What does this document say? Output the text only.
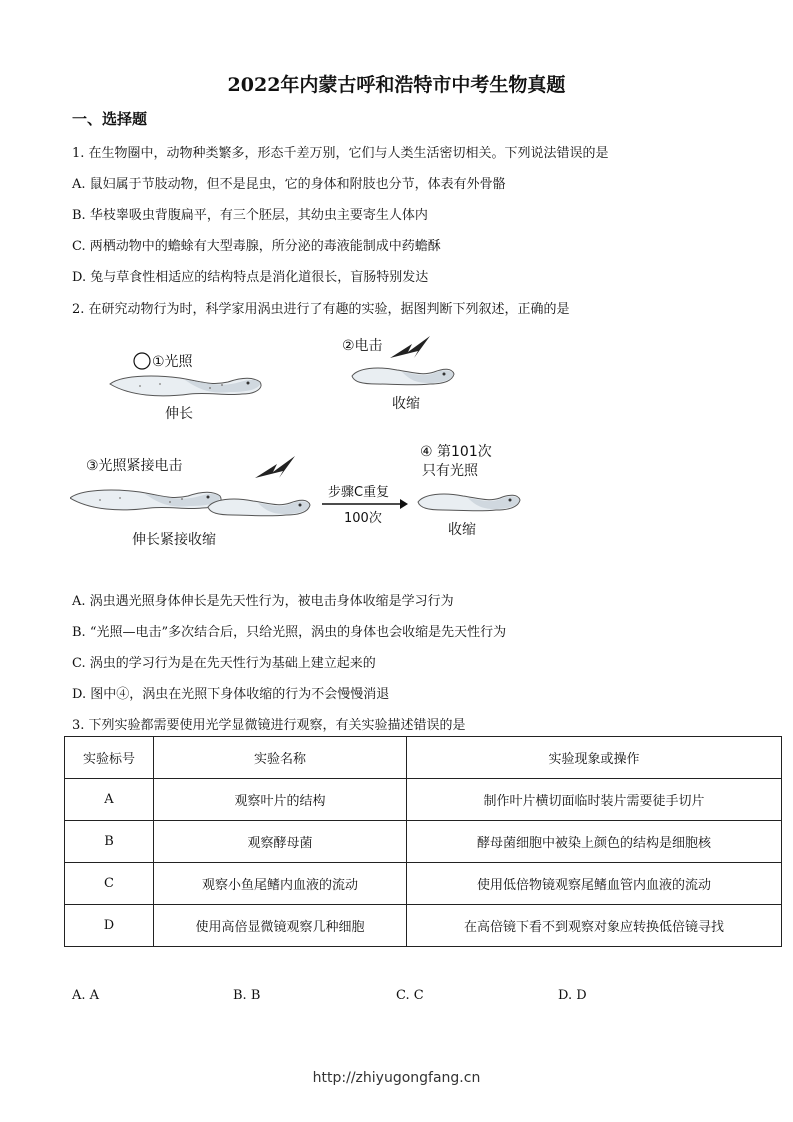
2022年内蒙古呼和浩特市中考生物真题
一、选择题
1. 在生物圈中，动物种类繁多，形态千差万别，它们与人类生活密切相关。下列说法错误的是
A. 鼠妇属于节肢动物，但不是昆虫，它的身体和附肢也分节，体表有外骨骼
B. 华枝睾吸虫背腹扁平，有三个胚层，其幼虫主要寄生人体内
C. 两栖动物中的蟾蜍有大型毒腺，所分泌的毒液能制成中药蟾酥
D. 兔与草食性相适应的结构特点是消化道很长，盲肠特别发达
2. 在研究动物行为时，科学家用涡虫进行了有趣的实验，据图判断下列叙述，正确的是
①光照
伸长
②电击
收缩
③光照紧接电击
伸长紧接收缩
步骤C重复
100次
④ 第101次
只有光照
收缩
A. 涡虫遇光照身体伸长是先天性行为，被电击身体收缩是学习行为
B. “光照—电击”多次结合后，只给光照，涡虫的身体也会收缩是先天性行为
C. 涡虫的学习行为是在先天性行为基础上建立起来的
D. 图中④，涡虫在光照下身体收缩的行为不会慢慢消退
3. 下列实验都需要使用光学显微镜进行观察，有关实验描述错误的是
实验标号	实验名称	实验现象或操作
A	观察叶片的结构	制作叶片横切面临时装片需要徒手切片
B	观察酵母菌	酵母菌细胞中被染上颜色的结构是细胞核
C	观察小鱼尾鳍内血液的流动	使用低倍物镜观察尾鳍血管内血液的流动
D	使用高倍显微镜观察几种细胞	在高倍镜下看不到观察对象应转换低倍镜寻找
A. A	B. B	C. C	D. D
http://zhiyugongfang.cn
